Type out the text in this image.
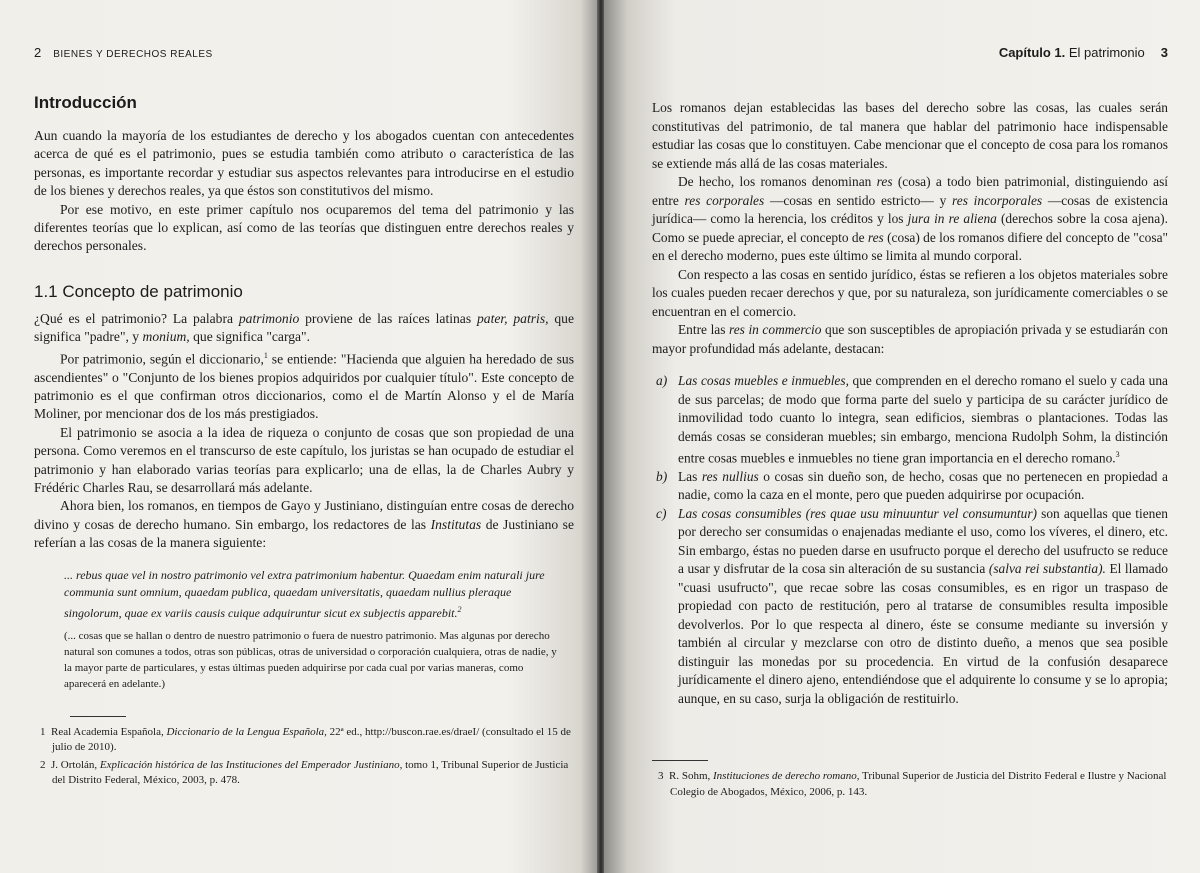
2 BIENES Y DERECHOS REALES
Introducción

Aun cuando la mayoría de los estudiantes de derecho y los abogados cuentan con antecedentes acerca de qué es el patrimonio, pues se estudia también como atributo o característica de las personas, es importante recordar y estudiar sus aspectos relevantes para introducirse en el estudio de los bienes y derechos reales, ya que éstos son constitutivos del mismo.

Por ese motivo, en este primer capítulo nos ocuparemos del tema del patrimonio y las diferentes teorías que lo explican, así como de las teorías que distinguen entre derechos reales y derechos personales.

1.1 Concepto de patrimonio

¿Qué es el patrimonio? La palabra patrimonio proviene de las raíces latinas pater, patris, que significa "padre", y monium, que significa "carga".

Por patrimonio, según el diccionario,$^1$ se entiende: "Hacienda que alguien ha heredado de sus ascendientes" o "Conjunto de los bienes propios adquiridos por cualquier título". Este concepto de patrimonio es el que confirman otros diccionarios, como el de Martín Alonso y el de María Moliner, por mencionar dos de los más prestigiados.

El patrimonio se asocia a la idea de riqueza o conjunto de cosas que son propiedad de una persona. Como veremos en el transcurso de este capítulo, los juristas se han ocupado de estudiar el patrimonio y han elaborado varias teorías para explicarlo; una de ellas, la de Charles Aubry y Frédéric Charles Rau, se desarrollará más adelante.

Ahora bien, los romanos, en tiempos de Gayo y Justiniano, distinguían entre cosas de derecho divino y cosas de derecho humano. Sin embargo, los redactores de las Institutas de Justiniano se referían a las cosas de la manera siguiente:

... rebus quae vel in nostro patrimonio vel extra patrimonium habentur. Quaedam enim naturali jure communia sunt omnium, quaedam publica, quaedam universitatis, quaedam nullius pleraque singolorum, quae ex variis causis cuique adquiruntur sicut ex subjectis apparebit.$^2$
(... cosas que se hallan o dentro de nuestro patrimonio o fuera de nuestro patrimonio. Mas algunas por derecho natural son comunes a todos, otras son públicas, otras de universidad o corporación cualquiera, otras de nadie, y la mayor parte de particulares, y estas últimas pueden adquirirse por cada cual por varias maneras, como aparecerá en adelante.)
1 Real Academia Española, Diccionario de la Lengua Española, 22ª ed., http://buscon.rae.es/draeI/ (consultado el 15 de julio de 2010).
2 J. Ortolán, Explicación histórica de las Instituciones del Emperador Justiniano, tomo 1, Tribunal Superior de Justicia del Distrito Federal, México, 2003, p. 478.
Capítulo 1. El patrimonio 3

Los romanos dejan establecidas las bases del derecho sobre las cosas, las cuales serán constitutivas del patrimonio, de tal manera que hablar del patrimonio hace indispensable estudiar las cosas que lo constituyen. Cabe mencionar que el concepto de cosa para los romanos se extiende más allá de las cosas materiales.

De hecho, los romanos denominan res (cosa) a todo bien patrimonial, distinguiendo así entre res corporales —cosas en sentido estricto— y res incorporales —cosas de existencia jurídica— como la herencia, los créditos y los jura in re aliena (derechos sobre la cosa ajena). Como se puede apreciar, el concepto de res (cosa) de los romanos difiere del concepto de "cosa" en el derecho moderno, pues este último se limita al mundo corporal.

Con respecto a las cosas en sentido jurídico, éstas se refieren a los objetos materiales sobre los cuales pueden recaer derechos y que, por su naturaleza, son jurídicamente comerciables o se encuentran en el comercio.

Entre las res in commercio que son susceptibles de apropiación privada y se estudiarán con mayor profundidad más adelante, destacan:

a) Las cosas muebles e inmuebles, que comprenden en el derecho romano el suelo y cada una de sus parcelas; de modo que forma parte del suelo y participa de su carácter jurídico de inmovilidad todo cuanto lo integra, sean edificios, siembras o plantaciones. Todas las demás cosas se consideran muebles; sin embargo, menciona Rudolph Sohm, la distinción entre cosas muebles e inmuebles no tiene gran importancia en el derecho romano.$^3$
b) Las res nullius o cosas sin dueño son, de hecho, cosas que no pertenecen en propiedad a nadie, como la caza en el monte, pero que pueden adquirirse por ocupación.
c) Las cosas consumibles (res quae usu minuuntur vel consumuntur) son aquellas que tienen por derecho ser consumidas o enajenadas mediante el uso, como los víveres, el dinero, etc. Sin embargo, éstas no pueden darse en usufructo porque el derecho del usufructo se reduce a usar y disfrutar de la cosa sin alteración de su sustancia (salva rei substantia). El llamado "cuasi usufructo", que recae sobre las cosas consumibles, es en rigor un traspaso de propiedad con pacto de restitución, pero al tratarse de consumibles resulta imposible devolverlos. Por lo que respecta al dinero, éste se consume mediante su inversión y también al circular y mezclarse con otro de distinto dueño, a menos que sea posible distinguir las monedas por su procedencia. En virtud de la confusión desaparece jurídicamente el dinero ajeno, entendiéndose que el adquirente lo consume y se lo apropia; aunque, en su caso, surja la obligación de restituirlo.
3 R. Sohm, Instituciones de derecho romano, Tribunal Superior de Justicia del Distrito Federal e Ilustre y Nacional Colegio de Abogados, México, 2006, p. 143.
